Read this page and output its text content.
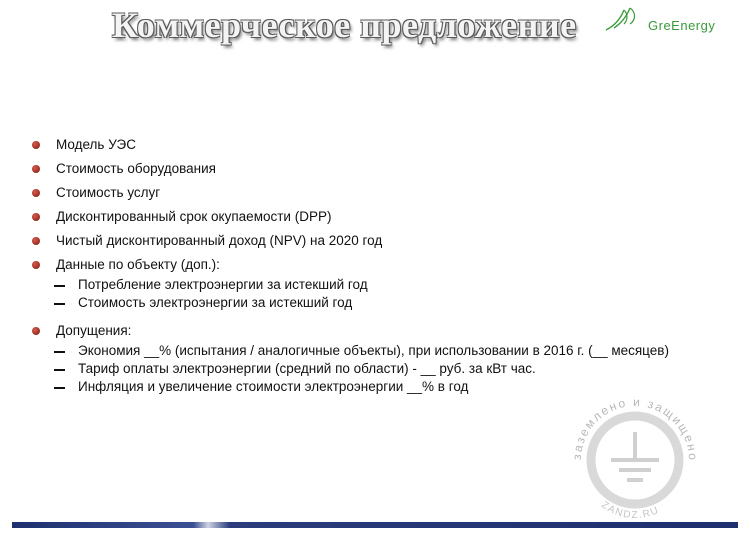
Коммерческое предложение	GreEnergy
Модель УЭС
Стоимость оборудования
Стоимость услуг
Дисконтированный срок окупаемости (DPP)
Чистый дисконтированный доход (NPV) на 2020 год
Данные по объекту (доп.):
Потребление электроэнергии за истекший год
Стоимость электроэнергии за истекший год
Допущения:
Экономия __% (испытания / аналогичные объекты), при использовании в 2016 г. (__ месяцев)
Тариф оплаты электроэнергии (средний по области) - __ руб. за кВт час.
Инфляция и увеличение стоимости электроэнергии __% в год
заземлено и защищено
ZANDZ.RU
